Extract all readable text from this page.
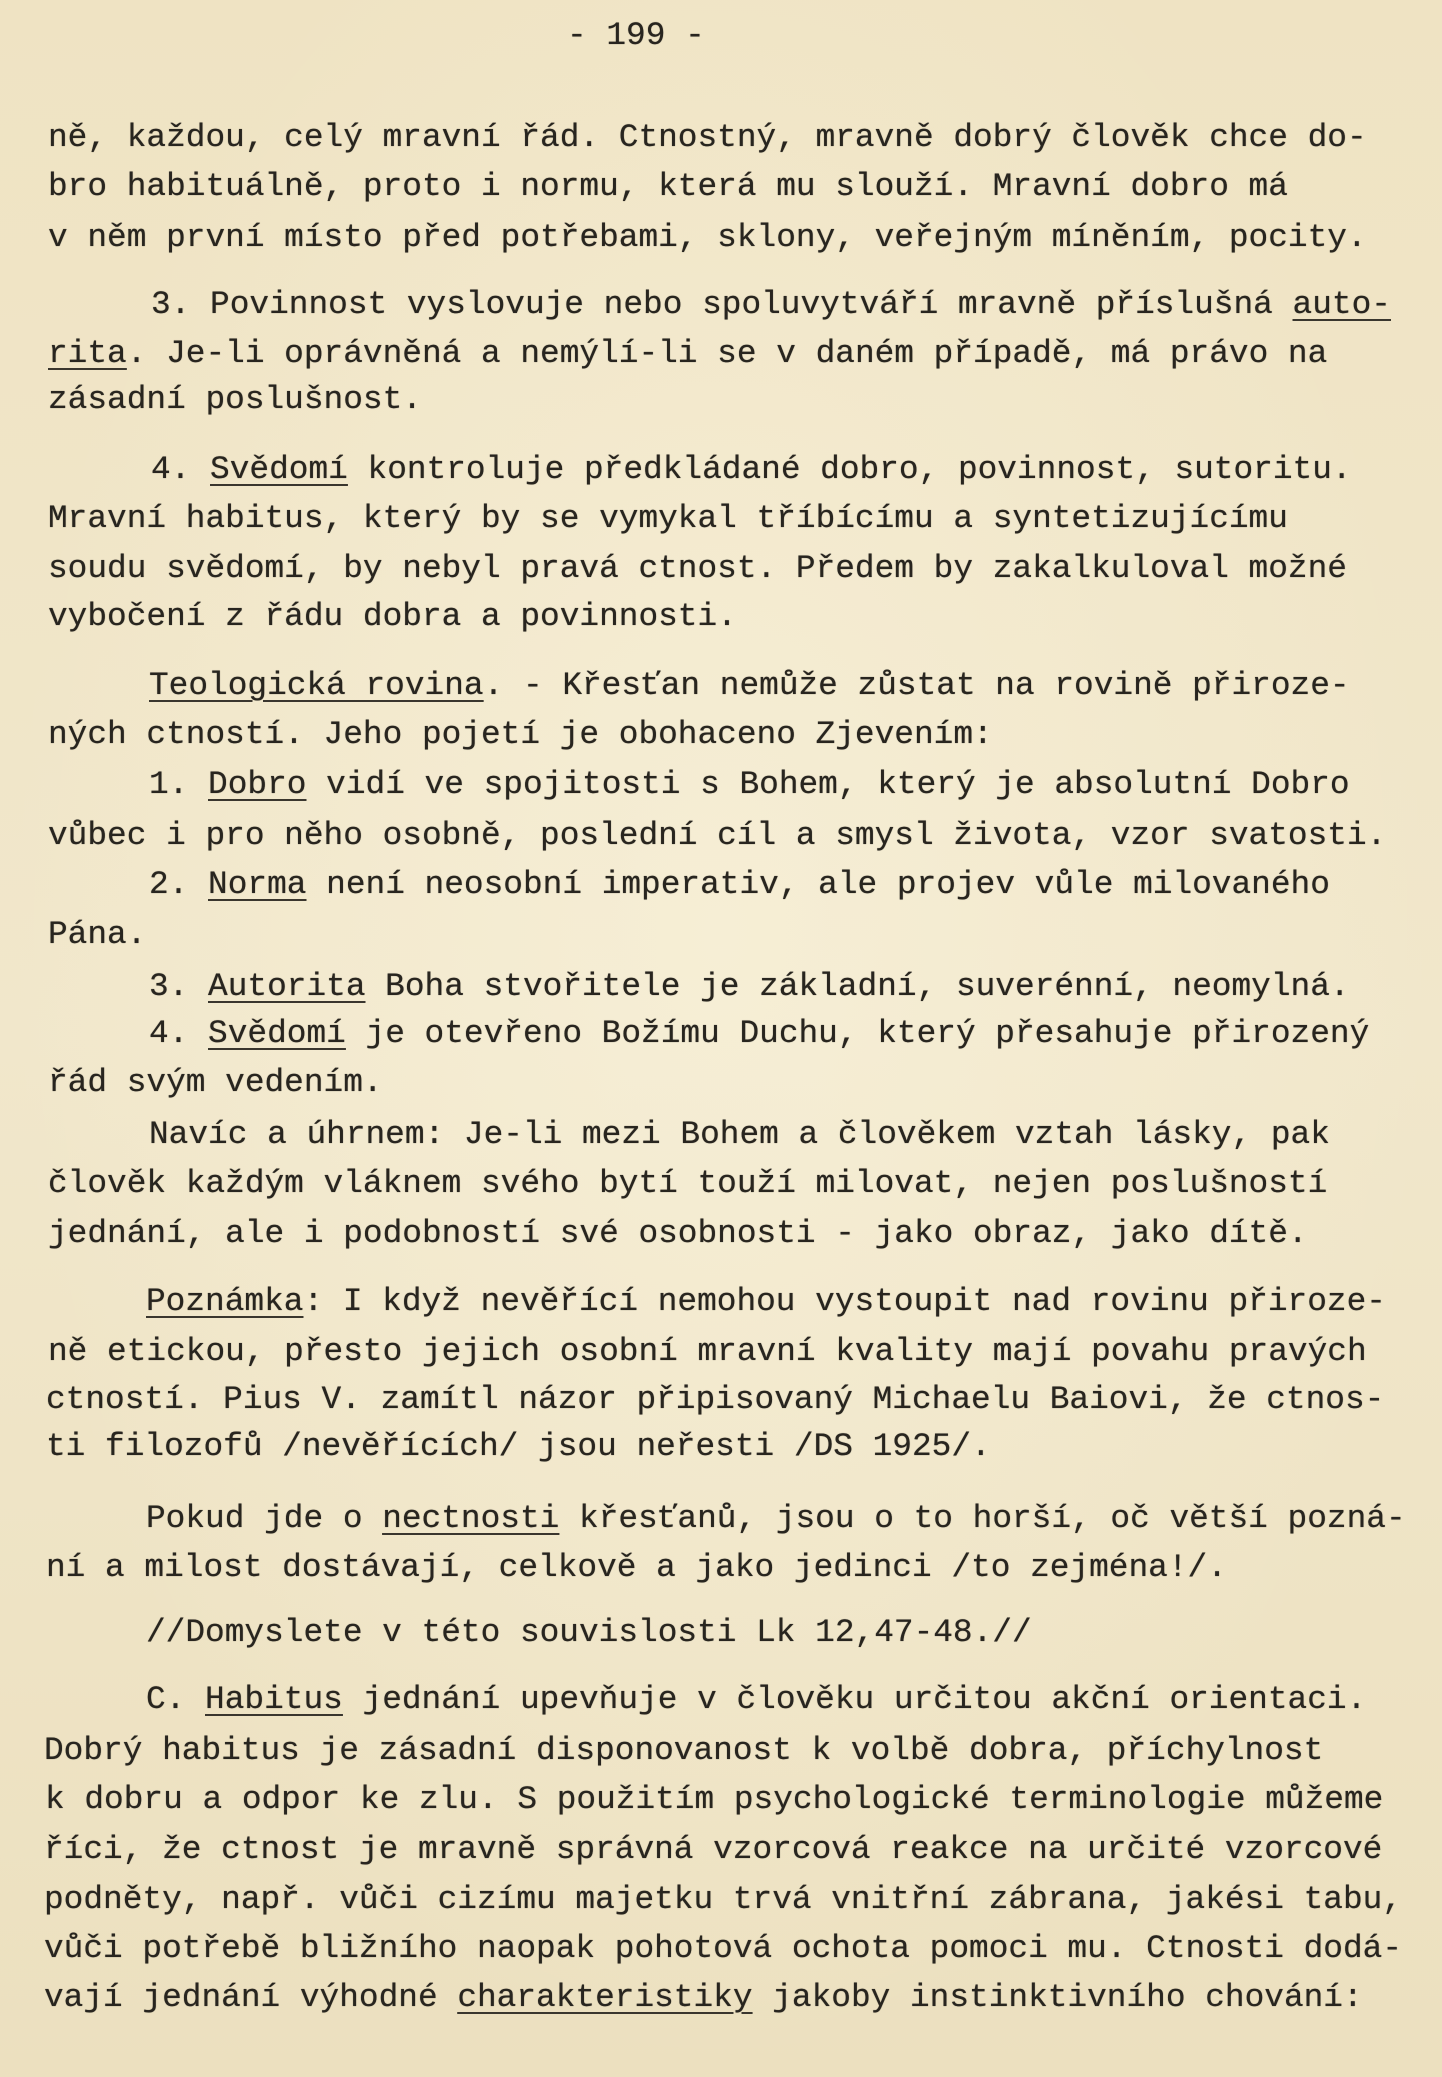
- 199 -
ně, každou, celý mravní řád. Ctnostný, mravně dobrý člověk chce do-
bro habituálně, proto i normu, která mu slouží. Mravní dobro má
v něm první místo před potřebami, sklony, veřejným míněním, pocity.
3. Povinnost vyslovuje nebo spoluvytváří mravně příslušná auto-
rita. Je-li oprávněná a nemýlí-li se v daném případě, má právo na
zásadní poslušnost.
4. Svědomí kontroluje předkládané dobro, povinnost, sutoritu.
Mravní habitus, který by se vymykal tříbícímu a syntetizujícímu
soudu svědomí, by nebyl pravá ctnost. Předem by zakalkuloval možné
vybočení z řádu dobra a povinnosti.
Teologická rovina. - Křesťan nemůže zůstat na rovině přiroze-
ných ctností. Jeho pojetí je obohaceno Zjevením:
1. Dobro vidí ve spojitosti s Bohem, který je absolutní Dobro
vůbec i pro něho osobně, poslední cíl a smysl života, vzor svatosti.
2. Norma není neosobní imperativ, ale projev vůle milovaného
Pána.
3. Autorita Boha stvořitele je základní, suverénní, neomylná.
4. Svědomí je otevřeno Božímu Duchu, který přesahuje přirozený
řád svým vedením.
Navíc a úhrnem: Je-li mezi Bohem a člověkem vztah lásky, pak
člověk každým vláknem svého bytí touží milovat, nejen poslušností
jednání, ale i podobností své osobnosti - jako obraz, jako dítě.
Poznámka: I když nevěřící nemohou vystoupit nad rovinu přiroze-
ně etickou, přesto jejich osobní mravní kvality mají povahu pravých
ctností. Pius V. zamítl názor připisovaný Michaelu Baiovi, že ctnos-
ti filozofů /nevěřících/ jsou neřesti /DS 1925/.
Pokud jde o nectnosti křesťanů, jsou o to horší, oč větší pozná-
ní a milost dostávají, celkově a jako jedinci /to zejména!/.
//Domyslete v této souvislosti Lk 12,47-48.//
C. Habitus jednání upevňuje v člověku určitou akční orientaci.
Dobrý habitus je zásadní disponovanost k volbě dobra, příchylnost
k dobru a odpor ke zlu. S použitím psychologické terminologie můžeme
říci, že ctnost je mravně správná vzorcová reakce na určité vzorcové
podněty, např. vůči cizímu majetku trvá vnitřní zábrana, jakési tabu,
vůči potřebě bližního naopak pohotová ochota pomoci mu. Ctnosti dodá-
vají jednání výhodné charakteristiky jakoby instinktivního chování:
